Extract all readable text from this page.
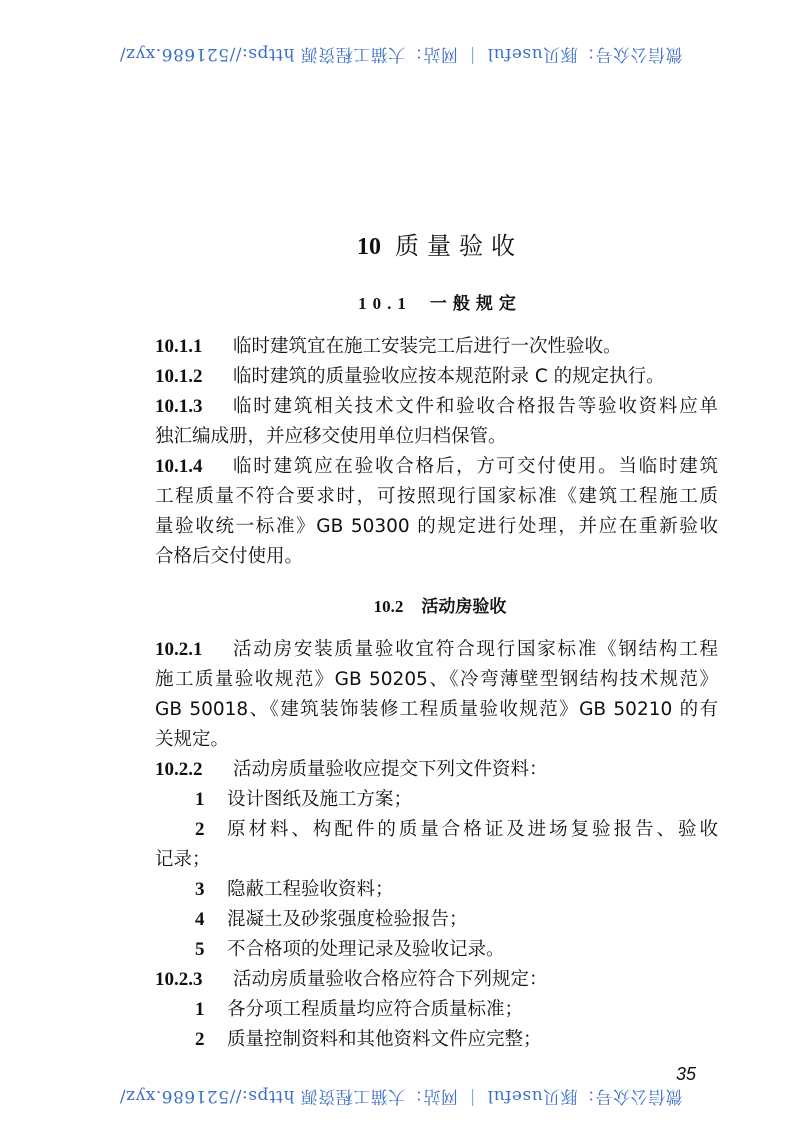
微信公众号：豚贝useful ｜ 网站：大猫工程资源 https://521686.xyz/
10 质量验收
10.1 一般规定
10.2 活动房验收
10.1.1 临时建筑宜在施工安装完工后进行一次性验收。
10.1.2 临时建筑的质量验收应按本规范附录 C 的规定执行。
10.1.3 临时建筑相关技术文件和验收合格报告等验收资料应单
独汇编成册，并应移交使用单位归档保管。
10.1.4 临时建筑应在验收合格后，方可交付使用。当临时建筑
工程质量不符合要求时，可按照现行国家标准《建筑工程施工质
量验收统一标准》GB 50300 的规定进行处理，并应在重新验收
合格后交付使用。
10.2.1 活动房安装质量验收宜符合现行国家标准《钢结构工程
施工质量验收规范》GB 50205、《冷弯薄壁型钢结构技术规范》
GB 50018、《建筑装饰装修工程质量验收规范》GB 50210 的有
关规定。
10.2.2 活动房质量验收应提交下列文件资料：
1 设计图纸及施工方案；
2 原材料、构配件的质量合格证及进场复验报告、验收
记录；
3 隐蔽工程验收资料；
4 混凝土及砂浆强度检验报告；
5 不合格项的处理记录及验收记录。
10.2.3 活动房质量验收合格应符合下列规定：
1 各分项工程质量均应符合质量标准；
2 质量控制资料和其他资料文件应完整；
35
微信公众号：豚贝useful ｜ 网站：大猫工程资源 https://521686.xyz/
